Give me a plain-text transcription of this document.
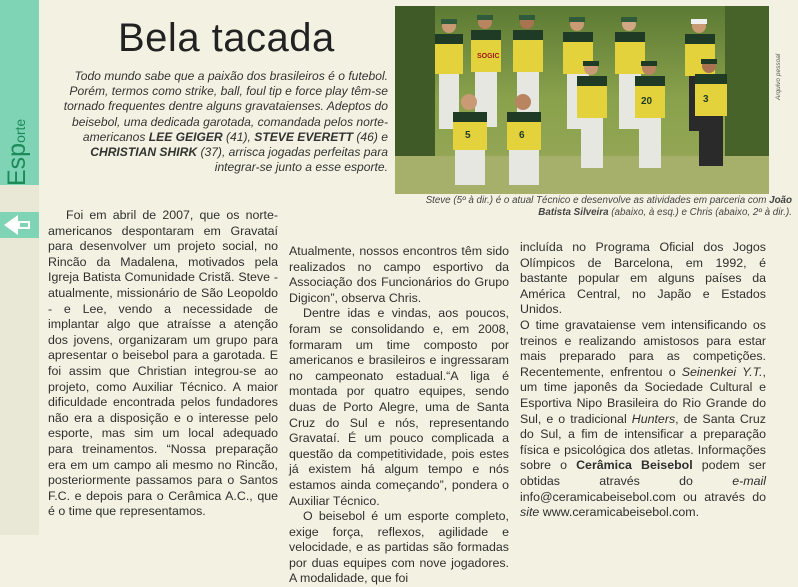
Esporte
Bela tacada

Todo mundo sabe que a paixão dos brasileiros é o futebol. Porém, termos como strike, ball, foul tip e force play têm-se tornado frequentes dentre alguns gravataienses. Adeptos do beisebol, uma dedicada garotada, comandada pelos norte-americanos LEE GEIGER (41), STEVE EVERETT (46) e CHRISTIAN SHIRK (37), arrisca jogadas perfeitas para integrar-se junto a esse esporte.

SOGIC
20	3
5	6
Arquivo pessoal

Steve (5º à dir.) é o atual Técnico e desenvolve as atividades em parceria com João Batista Silveira (abaixo, à esq.) e Chris (abaixo, 2º à dir.).

Foi em abril de 2007, que os norte-americanos despontaram em Gravataí para desenvolver um projeto social, no Rincão da Madalena, motivados pela Igreja Batista Comunidade Cristã. Steve - atualmente, missionário de São Leopoldo - e Lee, vendo a necessidade de implantar algo que atraísse a atenção dos jovens, organizaram um grupo para apresentar o beisebol para a garotada. E foi assim que Christian integrou-se ao projeto, como Auxiliar Técnico. A maior dificuldade encontrada pelos fundadores não era a disposição e o interesse pelo esporte, mas sim um local adequado para treinamentos. “Nossa preparação era em um campo ali mesmo no Rincão, posteriormente passamos para o Santos F.C. e depois para o Cerâmica A.C., que é o time que representamos.

Atualmente, nossos encontros têm sido realizados no campo esportivo da Associação dos Funcionários do Grupo Digicon”, observa Chris.

Dentre idas e vindas, aos poucos, foram se consolidando e, em 2008, formaram um time composto por americanos e brasileiros e ingressaram no campeonato estadual.“A liga é montada por quatro equipes, sendo duas de Porto Alegre, uma de Santa Cruz do Sul e nós, representando Gravataí. É um pouco complicada a questão da competitividade, pois estes já existem há algum tempo e nós estamos ainda começando”, pondera o Auxiliar Técnico.

O beisebol é um esporte completo, exige força, reflexos, agilidade e velocidade, e as partidas são formadas por duas equipes com nove jogadores. A modalidade, que foi

incluída no Programa Oficial dos Jogos Olímpicos de Barcelona, em 1992, é bastante popular em alguns países da América Central, no Japão e Estados Unidos.

O time gravataiense vem intensificando os treinos e realizando amistosos para estar mais preparado para as competições. Recentemente, enfrentou o Seinenkei Y.T., um time japonês da Sociedade Cultural e Esportiva Nipo Brasileira do Rio Grande do Sul, e o tradicional Hunters, de Santa Cruz do Sul, a fim de intensificar a preparação física e psicológica dos atletas. Informações sobre o Cerâmica Beisebol podem ser obtidas através do e-mail info@ceramicabeisebol.com ou através do site www.ceramicabeisebol.com.
